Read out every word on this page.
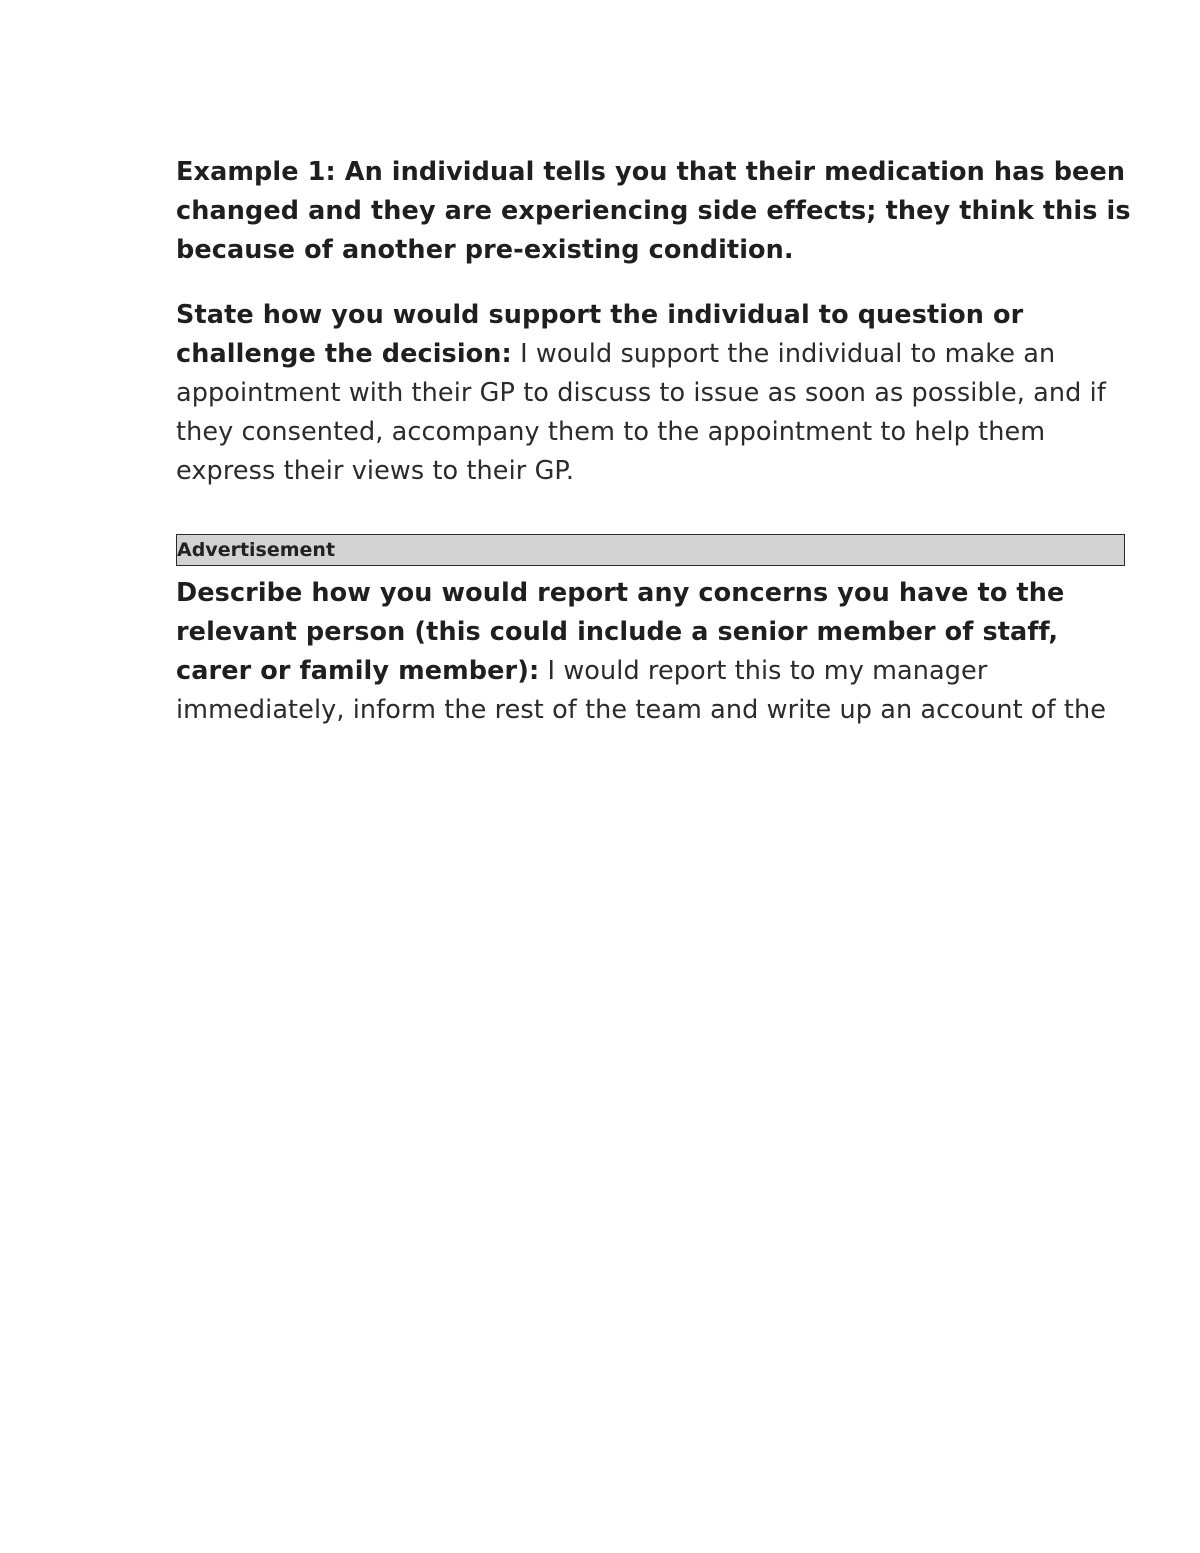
Example 1: An individual tells you that their medication has been changed and they are experiencing side effects; they think this is because of another pre-existing condition.

State how you would support the individual to question or challenge the decision: I would support the individual to make an appointment with their GP to discuss to issue as soon as possible, and if they consented, accompany them to the appointment to help them express their views to their GP.

Advertisement

Describe how you would report any concerns you have to the relevant person (this could include a senior member of staff, carer or family member): I would report this to my manager immediately, inform the rest of the team and write up an account of the
